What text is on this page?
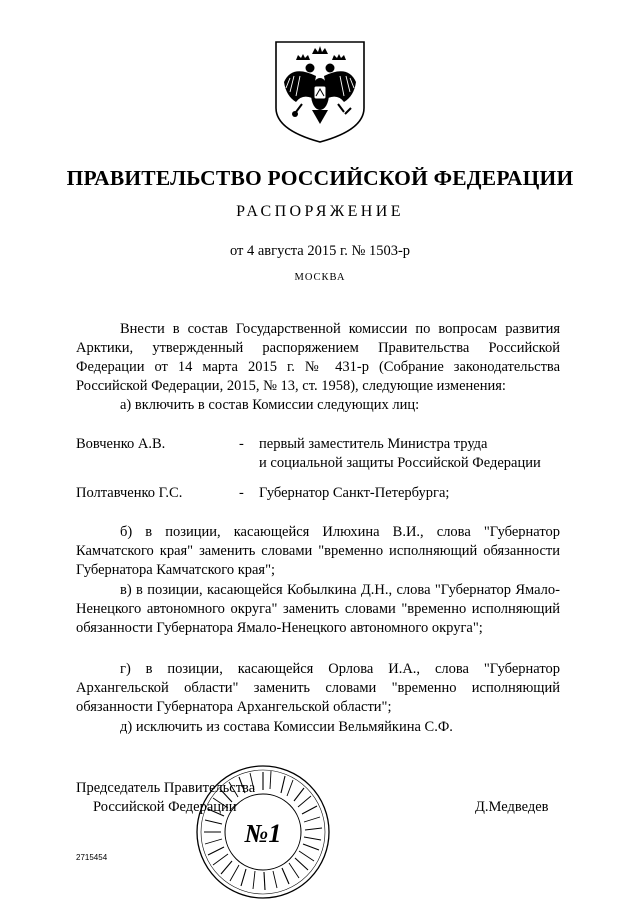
ПРАВИТЕЛЬСТВО РОССИЙСКОЙ ФЕДЕРАЦИИ
РАСПОРЯЖЕНИЕ
от 4 августа 2015 г. № 1503-р
МОСКВА

Внести в состав Государственной комиссии по вопросам развития Арктики, утвержденный распоряжением Правительства Российской Федерации от 14 марта 2015 г. № 431-р (Собрание законодательства Российской Федерации, 2015, № 13, ст. 1958), следующие изменения:

а) включить в состав Комиссии следующих лиц:

Вовченко А.В.	- первый заместитель Министра труда
и социальной защиты Российской Федерации
Полтавченко Г.С.	- Губернатор Санкт-Петербурга;

б) в позиции, касающейся Илюхина В.И., слова "Губернатор Камчатского края" заменить словами "временно исполняющий обязанности Губернатора Камчатского края";

в) в позиции, касающейся Кобылкина Д.Н., слова "Губернатор Ямало-Ненецкого автономного округа" заменить словами "временно исполняющий обязанности Губернатора Ямало-Ненецкого автономного округа";

г) в позиции, касающейся Орлова И.А., слова "Губернатор Архангельской области" заменить словами "временно исполняющий обязанности Губернатора Архангельской области";

д) исключить из состава Комиссии Вельмяйкина С.Ф.

№1
Председатель Правительства
Российской Федерации	Д.Медведев
2715454
